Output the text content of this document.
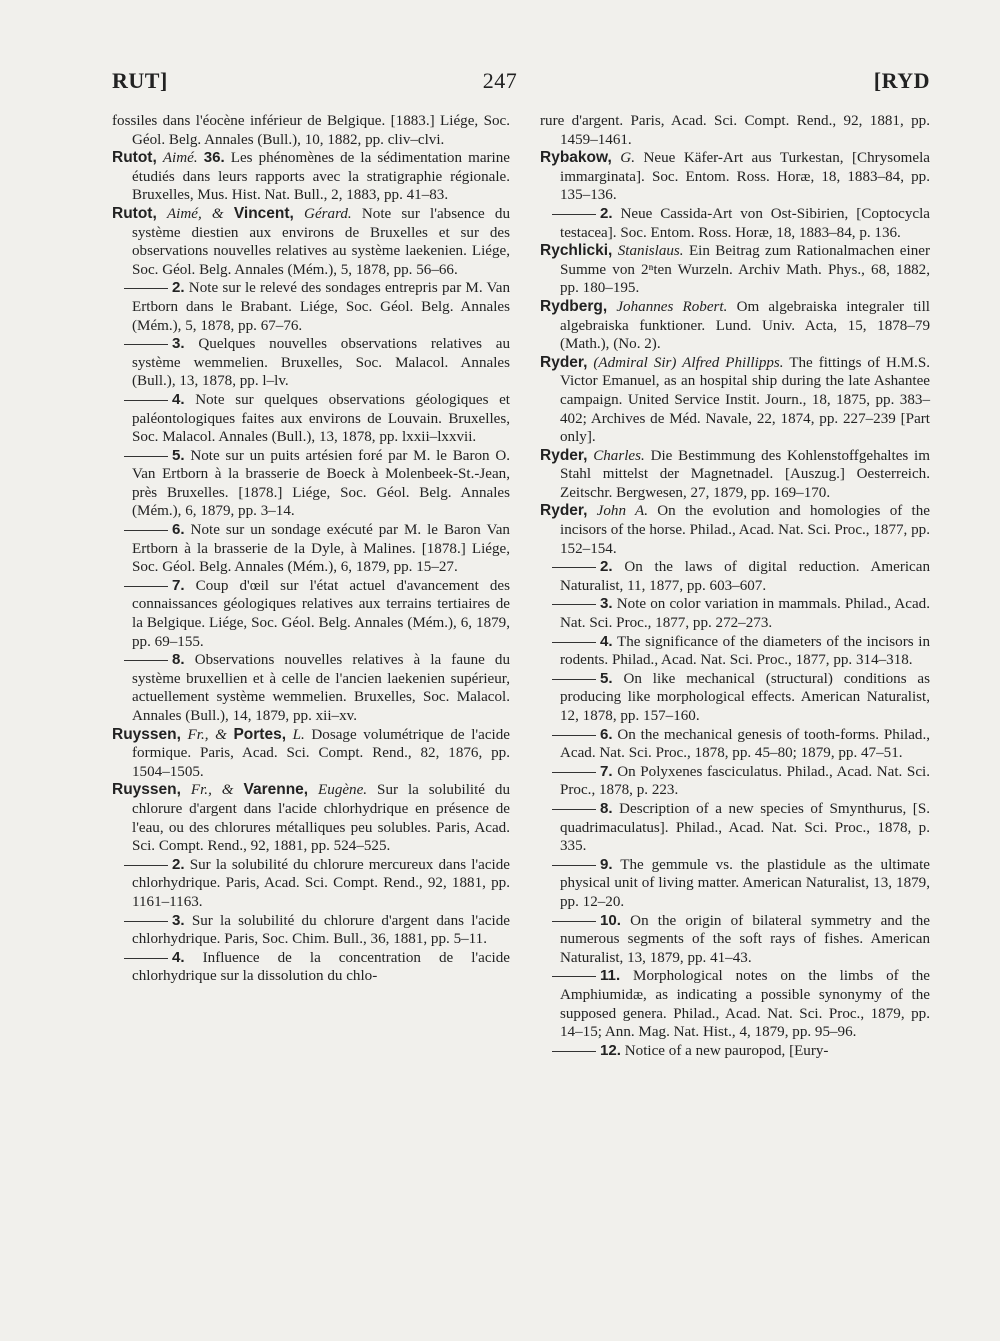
247
RUT]	[RYD

fossiles dans l'éocène inférieur de Belgique. [1883.] Liége, Soc. Géol. Belg. Annales (Bull.), 10, 1882, pp. cliv–clvi.

Rutot, Aimé. 36. Les phénomènes de la sédimentation marine étudiés dans leurs rapports avec la stratigraphie régionale. Bruxelles, Mus. Hist. Nat. Bull., 2, 1883, pp. 41–83.

Rutot, Aimé, & Vincent, Gérard. Note sur l'absence du système diestien aux environs de Bruxelles et sur des observations nouvelles relatives au système laekenien. Liége, Soc. Géol. Belg. Annales (Mém.), 5, 1878, pp. 56–66.

2. Note sur le relevé des sondages entrepris par M. Van Ertborn dans le Brabant. Liége, Soc. Géol. Belg. Annales (Mém.), 5, 1878, pp. 67–76.

3. Quelques nouvelles observations relatives au système wemmelien. Bruxelles, Soc. Malacol. Annales (Bull.), 13, 1878, pp. l–lv.

4. Note sur quelques observations géologiques et paléontologiques faites aux environs de Louvain. Bruxelles, Soc. Malacol. Annales (Bull.), 13, 1878, pp. lxxii–lxxvii.

5. Note sur un puits artésien foré par M. le Baron O. Van Ertborn à la brasserie de Boeck à Molenbeek-St.-Jean, près Bruxelles. [1878.] Liége, Soc. Géol. Belg. Annales (Mém.), 6, 1879, pp. 3–14.

6. Note sur un sondage exécuté par M. le Baron Van Ertborn à la brasserie de la Dyle, à Malines. [1878.] Liége, Soc. Géol. Belg. Annales (Mém.), 6, 1879, pp. 15–27.

7. Coup d'œil sur l'état actuel d'avancement des connaissances géologiques relatives aux terrains tertiaires de la Belgique. Liége, Soc. Géol. Belg. Annales (Mém.), 6, 1879, pp. 69–155.

8. Observations nouvelles relatives à la faune du système bruxellien et à celle de l'ancien laekenien supérieur, actuellement système wemmelien. Bruxelles, Soc. Malacol. Annales (Bull.), 14, 1879, pp. xii–xv.

Ruyssen, Fr., & Portes, L. Dosage volumétrique de l'acide formique. Paris, Acad. Sci. Compt. Rend., 82, 1876, pp. 1504–1505.

Ruyssen, Fr., & Varenne, Eugène. Sur la solubilité du chlorure d'argent dans l'acide chlorhydrique en présence de l'eau, ou des chlorures métalliques peu solubles. Paris, Acad. Sci. Compt. Rend., 92, 1881, pp. 524–525.

2. Sur la solubilité du chlorure mercureux dans l'acide chlorhydrique. Paris, Acad. Sci. Compt. Rend., 92, 1881, pp. 1161–1163.

3. Sur la solubilité du chlorure d'argent dans l'acide chlorhydrique. Paris, Soc. Chim. Bull., 36, 1881, pp. 5–11.

4. Influence de la concentration de l'acide chlorhydrique sur la dissolution du chlo-

rure d'argent. Paris, Acad. Sci. Compt. Rend., 92, 1881, pp. 1459–1461.

Rybakow, G. Neue Käfer-Art aus Turkestan, [Chrysomela immarginata]. Soc. Entom. Ross. Horæ, 18, 1883–84, pp. 135–136.

2. Neue Cassida-Art von Ost-Sibirien, [Coptocycla testacea]. Soc. Entom. Ross. Horæ, 18, 1883–84, p. 136.

Rychlicki, Stanislaus. Ein Beitrag zum Rationalmachen einer Summe von 2ⁿten Wurzeln. Archiv Math. Phys., 68, 1882, pp. 180–195.

Rydberg, Johannes Robert. Om algebraiska integraler till algebraiska funktioner. Lund. Univ. Acta, 15, 1878–79 (Math.), (No. 2).

Ryder, (Admiral Sir) Alfred Phillipps. The fittings of H.M.S. Victor Emanuel, as an hospital ship during the late Ashantee campaign. United Service Instit. Journ., 18, 1875, pp. 383–402; Archives de Méd. Navale, 22, 1874, pp. 227–239 [Part only].

Ryder, Charles. Die Bestimmung des Kohlenstoffgehaltes im Stahl mittelst der Magnetnadel. [Auszug.] Oesterreich. Zeitschr. Bergwesen, 27, 1879, pp. 169–170.

Ryder, John A. On the evolution and homologies of the incisors of the horse. Philad., Acad. Nat. Sci. Proc., 1877, pp. 152–154.

2. On the laws of digital reduction. American Naturalist, 11, 1877, pp. 603–607.

3. Note on color variation in mammals. Philad., Acad. Nat. Sci. Proc., 1877, pp. 272–273.

4. The significance of the diameters of the incisors in rodents. Philad., Acad. Nat. Sci. Proc., 1877, pp. 314–318.

5. On like mechanical (structural) conditions as producing like morphological effects. American Naturalist, 12, 1878, pp. 157–160.

6. On the mechanical genesis of tooth-forms. Philad., Acad. Nat. Sci. Proc., 1878, pp. 45–80; 1879, pp. 47–51.

7. On Polyxenes fasciculatus. Philad., Acad. Nat. Sci. Proc., 1878, p. 223.

8. Description of a new species of Smynthurus, [S. quadrimaculatus]. Philad., Acad. Nat. Sci. Proc., 1878, p. 335.

9. The gemmule vs. the plastidule as the ultimate physical unit of living matter. American Naturalist, 13, 1879, pp. 12–20.

10. On the origin of bilateral symmetry and the numerous segments of the soft rays of fishes. American Naturalist, 13, 1879, pp. 41–43.

11. Morphological notes on the limbs of the Amphiumidæ, as indicating a possible synonymy of the supposed genera. Philad., Acad. Nat. Sci. Proc., 1879, pp. 14–15; Ann. Mag. Nat. Hist., 4, 1879, pp. 95–96.

12. Notice of a new pauropod, [Eury-
